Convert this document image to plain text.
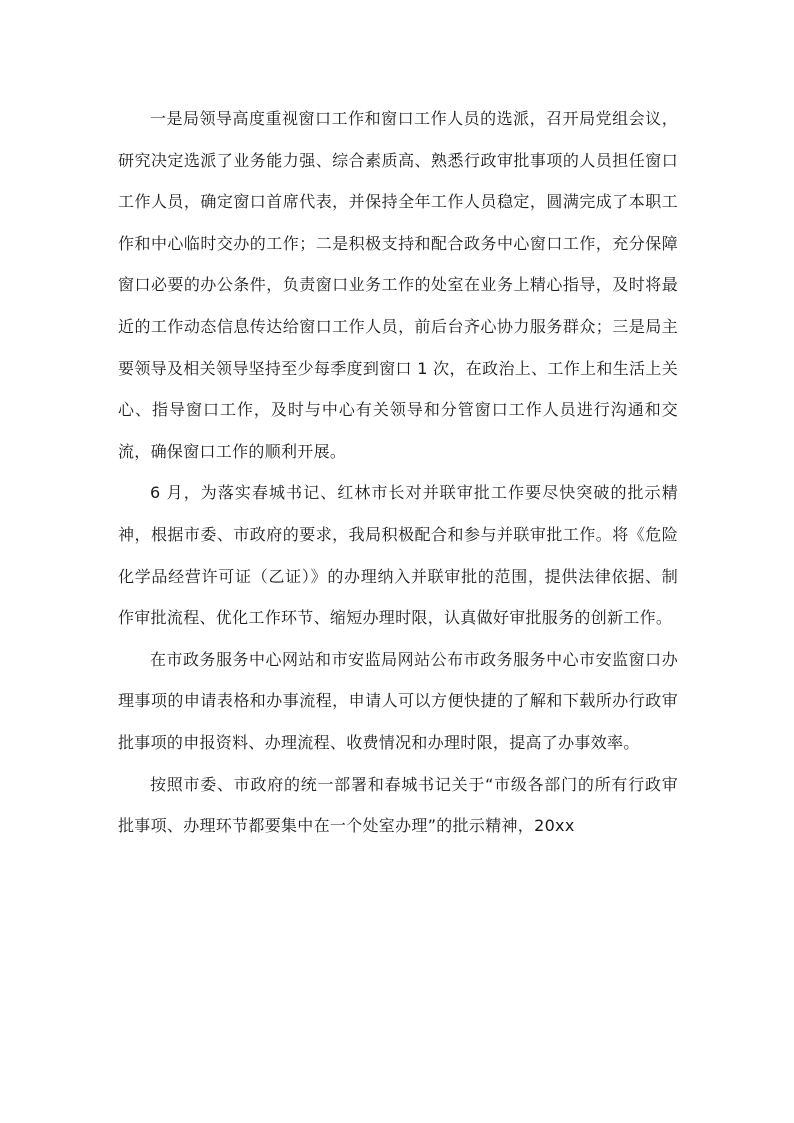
一是局领导高度重视窗口工作和窗口工作人员的选派，召开局党组会议，研究决定选派了业务能力强、综合素质高、熟悉行政审批事项的人员担任窗口工作人员，确定窗口首席代表，并保持全年工作人员稳定，圆满完成了本职工作和中心临时交办的工作；二是积极支持和配合政务中心窗口工作，充分保障窗口必要的办公条件，负责窗口业务工作的处室在业务上精心指导，及时将最近的工作动态信息传达给窗口工作人员，前后台齐心协力服务群众；三是局主要领导及相关领导坚持至少每季度到窗口 1 次，在政治上、工作上和生活上关心、指导窗口工作，及时与中心有关领导和分管窗口工作人员进行沟通和交流，确保窗口工作的顺利开展。

6 月，为落实春城书记、红林市长对并联审批工作要尽快突破的批示精神，根据市委、市政府的要求，我局积极配合和参与并联审批工作。将《危险化学品经营许可证（乙证）》的办理纳入并联审批的范围，提供法律依据、制作审批流程、优化工作环节、缩短办理时限，认真做好审批服务的创新工作。

在市政务服务中心网站和市安监局网站公布市政务服务中心市安监窗口办理事项的申请表格和办事流程，申请人可以方便快捷的了解和下载所办行政审批事项的申报资料、办理流程、收费情况和办理时限，提高了办事效率。

按照市委、市政府的统一部署和春城书记关于“市级各部门的所有行政审批事项、办理环节都要集中在一个处室办理”的批示精神，20xx
